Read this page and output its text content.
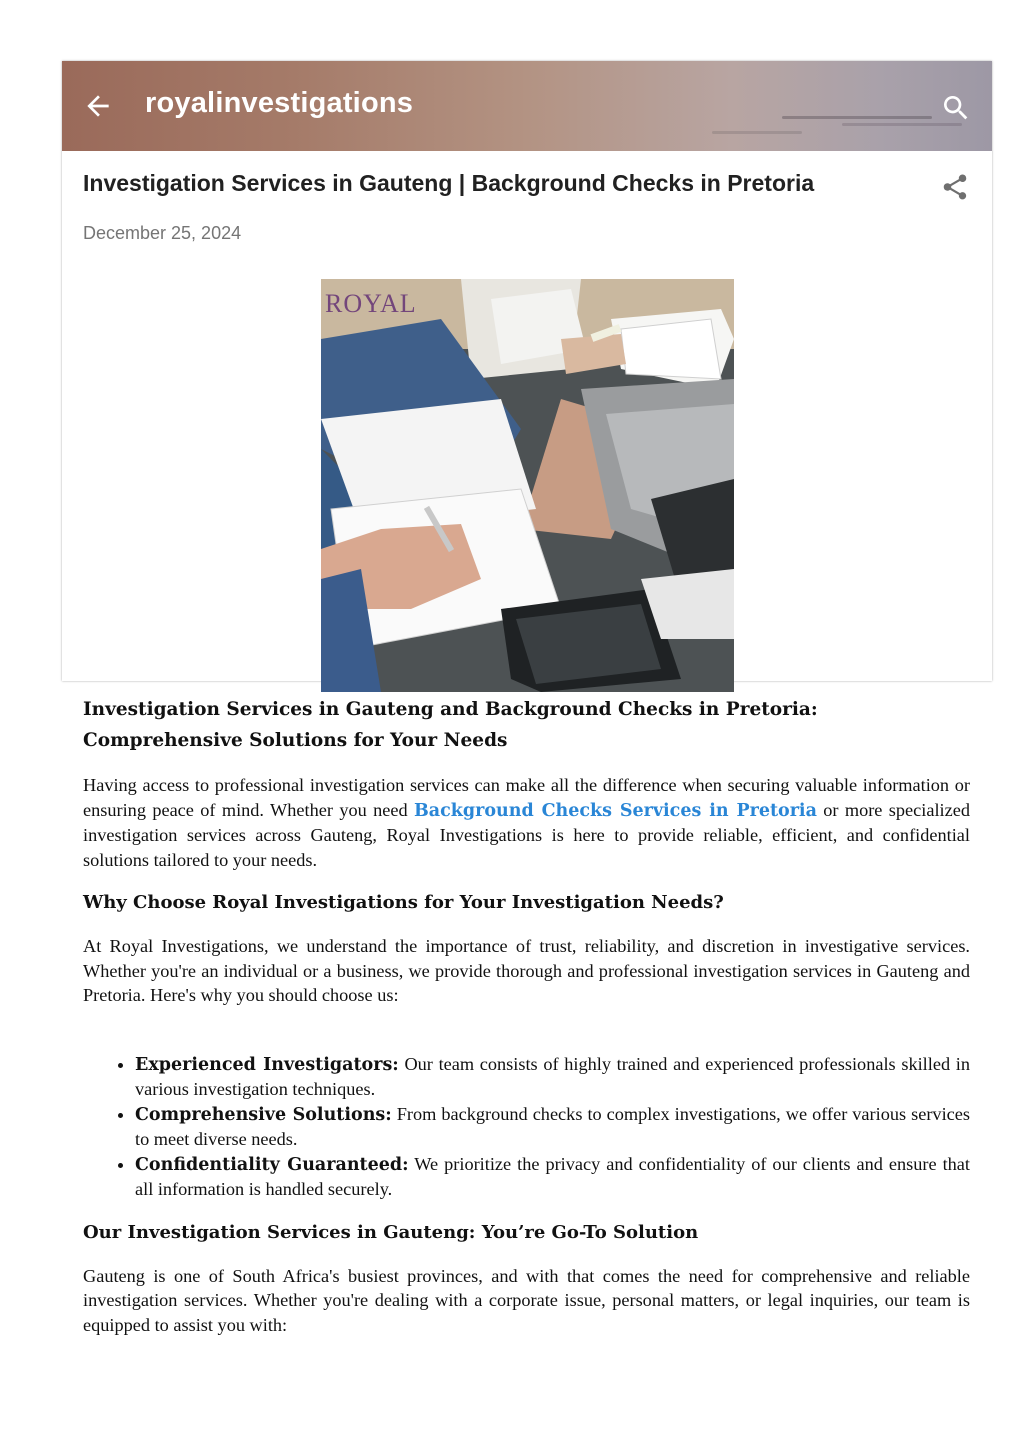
royalinvestigations
Investigation Services in Gauteng | Background Checks in Pretoria
December 25, 2024
ROYAL
Investigation Services in Gauteng and Background Checks in Pretoria:
Comprehensive Solutions for Your Needs

Having access to professional investigation services can make all the difference when securing valuable information or ensuring peace of mind. Whether you need Background Checks Services in Pretoria or more specialized investigation services across Gauteng, Royal Investigations is here to provide reliable, efficient, and confidential solutions tailored to your needs.

Why Choose Royal Investigations for Your Investigation Needs?

At Royal Investigations, we understand the importance of trust, reliability, and discretion in investigative services. Whether you're an individual or a business, we provide thorough and professional investigation services in Gauteng and Pretoria. Here's why you should choose us:

• Experienced Investigators: Our team consists of highly trained and experienced professionals skilled in various investigation techniques.
• Comprehensive Solutions: From background checks to complex investigations, we offer various services to meet diverse needs.
• Confidentiality Guaranteed: We prioritize the privacy and confidentiality of our clients and ensure that all information is handled securely.
Our Investigation Services in Gauteng: You’re Go-To Solution

Gauteng is one of South Africa's busiest provinces, and with that comes the need for comprehensive and reliable investigation services. Whether you're dealing with a corporate issue, personal matters, or legal inquiries, our team is equipped to assist you with:
